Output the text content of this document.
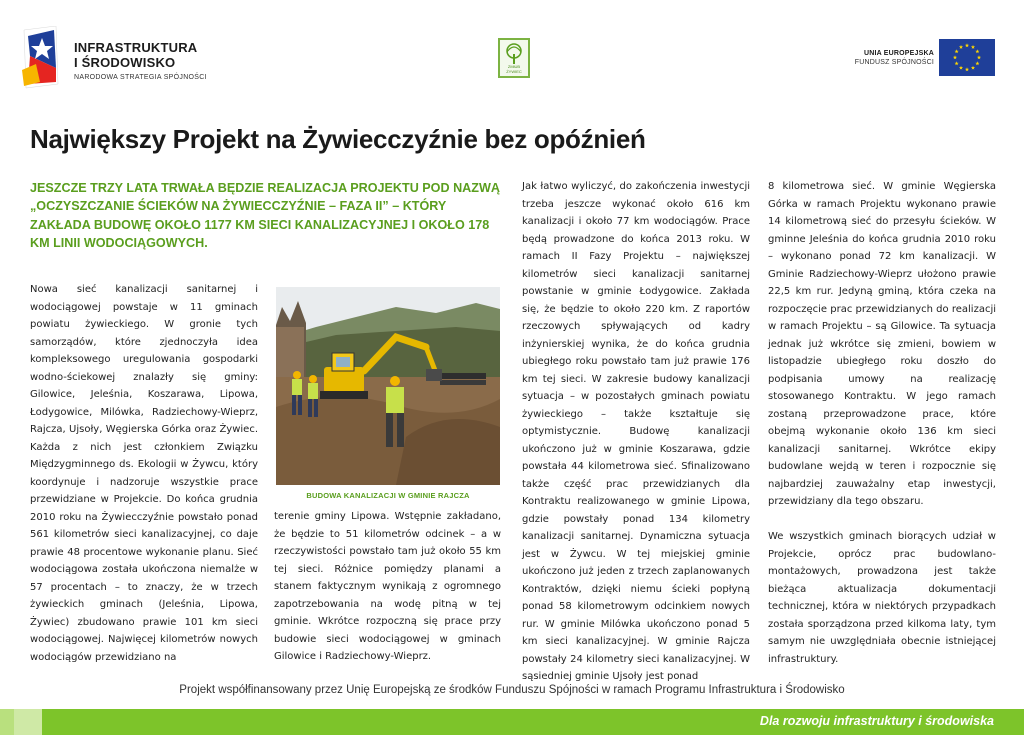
INFRASTRUKTURA
I ŚRODOWISKO
NARODOWA STRATEGIA SPÓJNOŚCI
ZMiUB ŻYWIEC
UNIA EUROPEJSKA
FUNDUSZ SPÓJNOŚCI
Największy Projekt na Żywiecczyźnie bez opóźnień
JESZCZE TRZY LATA TRWAŁA BĘDZIE REALIZACJA PROJEKTU POD NAZWĄ „OCZYSZCZANIE ŚCIEKÓW NA ŻYWIECCZYŹNIE – FAZA II” – KTÓRY ZAKŁADA BUDOWĘ OKOŁO 1177 KM SIECI KANALIZACYJNEJ I OKOŁO 178 KM LINII WODOCIĄGOWYCH.

Nowa sieć kanalizacji sanitarnej i wodociągowej powstaje w 11 gminach powiatu żywieckiego. W gronie tych samorządów, które zjednoczyła idea kompleksowego uregulowania gospodarki wodno-ściekowej znalazły się gminy: Gilowice, Jeleśnia, Koszarawa, Lipowa, Łodygowice, Milówka, Radziechowy-Wieprz, Rajcza, Ujsoły, Węgierska Górka oraz Żywiec. Każda z nich jest członkiem Związku Międzygminnego ds. Ekologii w Żywcu, który koordynuje i nadzoruje wszystkie prace przewidziane w Projekcie. Do końca grudnia 2010 roku na Żywiecczyźnie powstało ponad 561 kilometrów sieci kanalizacyjnej, co daje prawie 48 procentowe wykonanie planu. Sieć wodociągowa została ukończona niemalże w 57 procentach – to znaczy, że w trzech żywieckich gminach (Jeleśnia, Lipowa, Żywiec) zbudowano prawie 101 km sieci wodociągowej. Najwięcej kilometrów nowych wodociągów przewidziano na

BUDOWA KANALIZACJI W GMINIE RAJCZA

terenie gminy Lipowa. Wstępnie zakładano, że będzie to 51 kilometrów odcinek – a w rzeczywistości powstało tam już około 55 km tej sieci. Różnice pomiędzy planami a stanem faktycznym wynikają z ogromnego zapotrzebowania na wodę pitną w tej gminie. Wkrótce rozpoczną się prace przy budowie sieci wodociągowej w gminach Gilowice i Radziechowy-Wieprz.

Jak łatwo wyliczyć, do zakończenia inwestycji trzeba jeszcze wykonać około 616 km kanalizacji i około 77 km wodociągów. Prace będą prowadzone do końca 2013 roku. W ramach II Fazy Projektu – największej kilometrów sieci kanalizacji sanitarnej powstanie w gminie Łodygowice. Zakłada się, że będzie to około 220 km. Z raportów rzeczowych spływających od kadry inżynierskiej wynika, że do końca grudnia ubiegłego roku powstało tam już prawie 176 km tej sieci. W zakresie budowy kanalizacji sytuacja – w pozostałych gminach powiatu żywieckiego – także kształtuje się optymistycznie. Budowę kanalizacji ukończono już w gminie Koszarawa, gdzie powstała 44 kilometrowa sieć. Sfinalizowano także część prac przewidzianych dla Kontraktu realizowanego w gminie Lipowa, gdzie powstały ponad 134 kilometry kanalizacji sanitarnej. Dynamiczna sytuacja jest w Żywcu. W tej miejskiej gminie ukończono już jeden z trzech zaplanowanych Kontraktów, dzięki niemu ścieki popłyną ponad 58 kilometrowym odcinkiem nowych rur. W gminie Milówka ukończono ponad 5 km sieci kanalizacyjnej. W gminie Rajcza powstały 24 kilometry sieci kanalizacyjnej. W sąsiedniej gminie Ujsoły jest ponad

8 kilometrowa sieć. W gminie Węgierska Górka w ramach Projektu wykonano prawie 14 kilometrową sieć do przesyłu ścieków. W gminne Jeleśnia do końca grudnia 2010 roku – wykonano ponad 72 km kanalizacji. W Gminie Radziechowy-Wieprz ułożono prawie 22,5 km rur. Jedyną gminą, która czeka na rozpoczęcie prac przewidzianych do realizacji w ramach Projektu – są Gilowice. Ta sytuacja jednak już wkrótce się zmieni, bowiem w listopadzie ubiegłego roku doszło do podpisania umowy na realizację stosowanego Kontraktu. W jego ramach zostaną przeprowadzone prace, które obejmą wykonanie około 136 km sieci kanalizacji sanitarnej. Wkrótce ekipy budowlane wejdą w teren i rozpocznie się najbardziej zauważalny etap inwestycji, przewidziany dla tego obszaru.

We wszystkich gminach biorących udział w Projekcie, oprócz prac budowlano-montażowych, prowadzona jest także bieżąca aktualizacja dokumentacji technicznej, która w niektórych przypadkach została sporządzona przed kilkoma laty, tym samym nie uwzględniała obecnie istniejącej infrastruktury.

Projekt współfinansowany przez Unię Europejską ze środków Funduszu Spójności w ramach Programu Infrastruktura i Środowisko
Dla rozwoju infrastruktury i środowiska
